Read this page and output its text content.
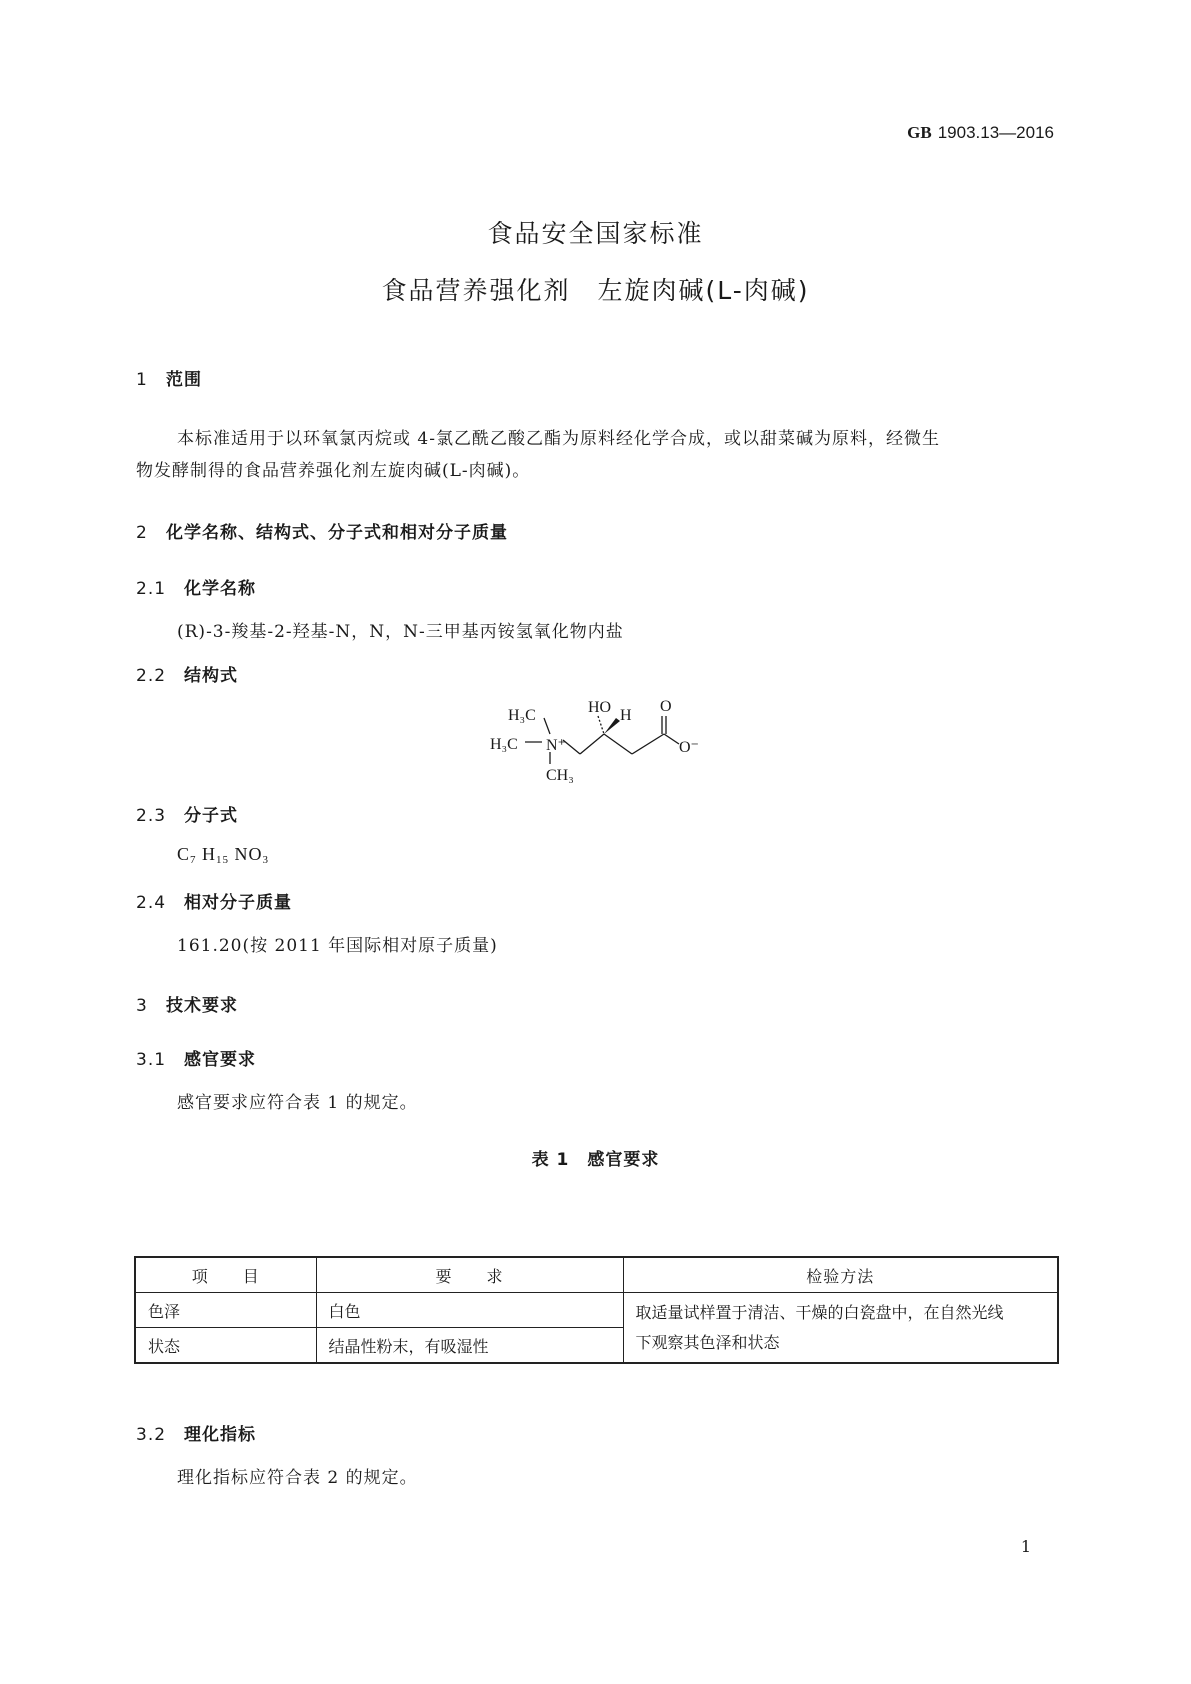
GB 1903.13—2016
食品安全国家标准
食品营养强化剂　左旋肉碱(L-肉碱)
1 范围
本标准适用于以环氧氯丙烷或 4-氯乙酰乙酸乙酯为原料经化学合成，或以甜菜碱为原料，经微生
物发酵制得的食品营养强化剂左旋肉碱(L-肉碱)。
2 化学名称、结构式、分子式和相对分子质量
2.1 化学名称
(R)-3-羧基-2-羟基-N，N，N-三甲基丙铵氢氧化物内盐
2.2 结构式
H₃C
H₃C N⁺
CH₃
HO H
O
O⁻
2.3 分子式
$C_7$ $H_{15}$ $NO_3$
2.4 相对分子质量
161.20(按 2011 年国际相对原子质量)
3 技术要求
3.1 感官要求
感官要求应符合表 1 的规定。
表 1　感官要求
项　　目	要　　求	检验方法
色泽	白色	取适量试样置于清洁、干燥的白瓷盘中，在自然光线
下观察其色泽和状态

状态	结晶性粉末，有吸湿性	
3.2 理化指标
理化指标应符合表 2 的规定。
1
